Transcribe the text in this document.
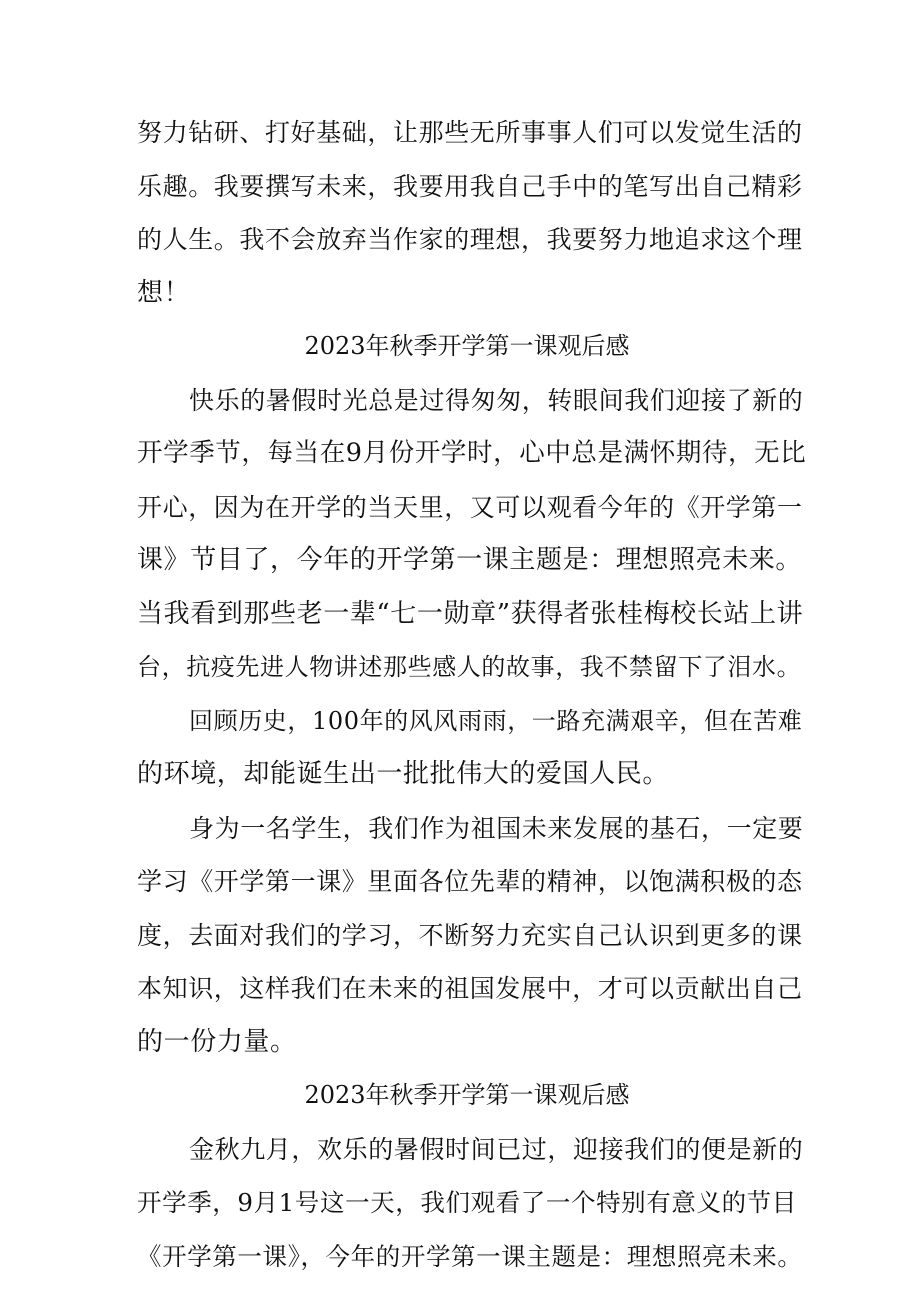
努力钻研、打好基础，让那些无所事事人们可以发觉生活的
乐趣。我要撰写未来，我要用我自己手中的笔写出自己精彩
的人生。我不会放弃当作家的理想，我要努力地追求这个理
想！
2023年秋季开学第一课观后感
快乐的暑假时光总是过得匆匆，转眼间我们迎接了新的
开学季节，每当在9月份开学时，心中总是满怀期待，无比
开心，因为在开学的当天里，又可以观看今年的《开学第一
课》节目了，今年的开学第一课主题是：理想照亮未来。
当我看到那些老一辈“七一勋章”获得者张桂梅校长站上讲
台，抗疫先进人物讲述那些感人的故事，我不禁留下了泪水。
回顾历史，100年的风风雨雨，一路充满艰辛，但在苦难
的环境，却能诞生出一批批伟大的爱国人民。
身为一名学生，我们作为祖国未来发展的基石，一定要
学习《开学第一课》里面各位先辈的精神，以饱满积极的态
度，去面对我们的学习，不断努力充实自己认识到更多的课
本知识，这样我们在未来的祖国发展中，才可以贡献出自己
的一份力量。
2023年秋季开学第一课观后感
金秋九月，欢乐的暑假时间已过，迎接我们的便是新的
开学季，9月1号这一天，我们观看了一个特别有意义的节目
《开学第一课》，今年的开学第一课主题是：理想照亮未来。
